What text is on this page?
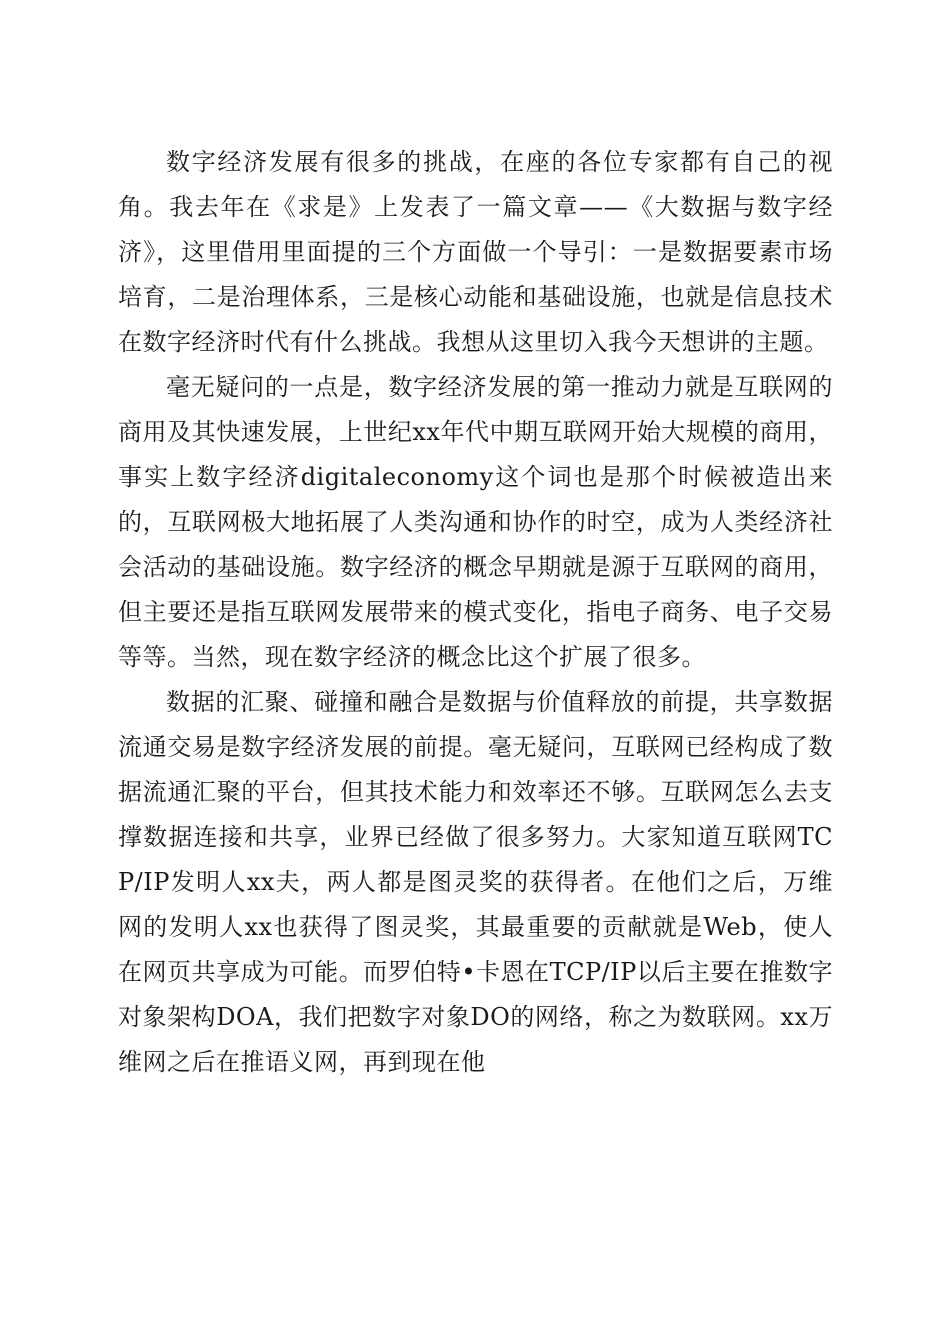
数字经济发展有很多的挑战，在座的各位专家都有自己的视角。我去年在《求是》上发表了一篇文章——《大数据与数字经济》，这里借用里面提的三个方面做一个导引：一是数据要素市场培育，二是治理体系，三是核心动能和基础设施，也就是信息技术在数字经济时代有什么挑战。我想从这里切入我今天想讲的主题。

毫无疑问的一点是，数字经济发展的第一推动力就是互联网的商用及其快速发展，上世纪xx年代中期互联网开始大规模的商用，事实上数字经济digitaleconomy这个词也是那个时候被造出来的，互联网极大地拓展了人类沟通和协作的时空，成为人类经济社会活动的基础设施。数字经济的概念早期就是源于互联网的商用，但主要还是指互联网发展带来的模式变化，指电子商务、电子交易等等。当然，现在数字经济的概念比这个扩展了很多。

数据的汇聚、碰撞和融合是数据与价值释放的前提，共享数据流通交易是数字经济发展的前提。毫无疑问，互联网已经构成了数据流通汇聚的平台，但其技术能力和效率还不够。互联网怎么去支撑数据连接和共享，业界已经做了很多努力。大家知道互联网TCP/IP发明人xx夫，两人都是图灵奖的获得者。在他们之后，万维网的发明人xx也获得了图灵奖，其最重要的贡献就是Web，使人在网页共享成为可能。而罗伯特•卡恩在TCP/IP以后主要在推数字对象架构DOA，我们把数字对象DO的网络，称之为数联网。xx万维网之后在推语义网，再到现在他
